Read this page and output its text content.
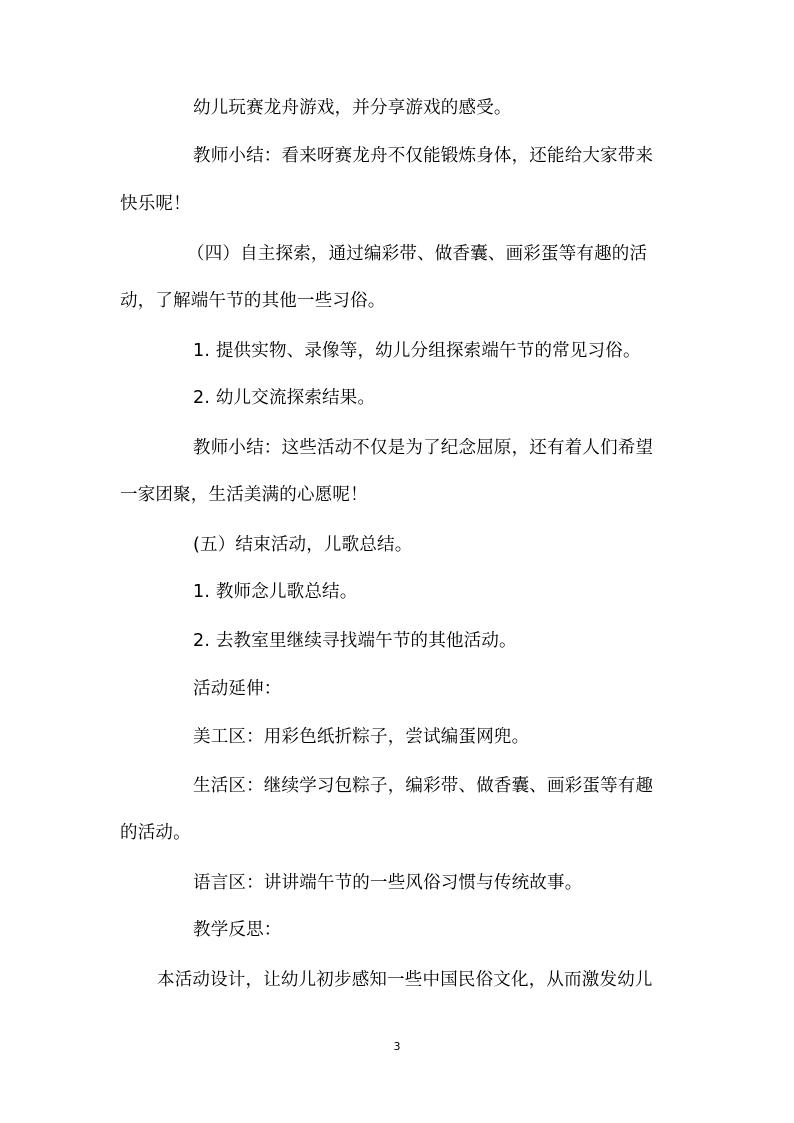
幼儿玩赛龙舟游戏，并分享游戏的感受。
教师小结：看来呀赛龙舟不仅能锻炼身体，还能给大家带来
快乐呢！
（四）自主探索，通过编彩带、做香囊、画彩蛋等有趣的活
动，了解端午节的其他一些习俗。
1. 提供实物、录像等，幼儿分组探索端午节的常见习俗。
2. 幼儿交流探索结果。
教师小结：这些活动不仅是为了纪念屈原，还有着人们希望
一家团聚，生活美满的心愿呢！
(五）结束活动，儿歌总结。
1. 教师念儿歌总结。
2. 去教室里继续寻找端午节的其他活动。
活动延伸：
美工区：用彩色纸折粽子，尝试编蛋网兜。
生活区：继续学习包粽子，编彩带、做香囊、画彩蛋等有趣
的活动。
语言区：讲讲端午节的一些风俗习惯与传统故事。
教学反思：
本活动设计，让幼儿初步感知一些中国民俗文化，从而激发幼儿
3
